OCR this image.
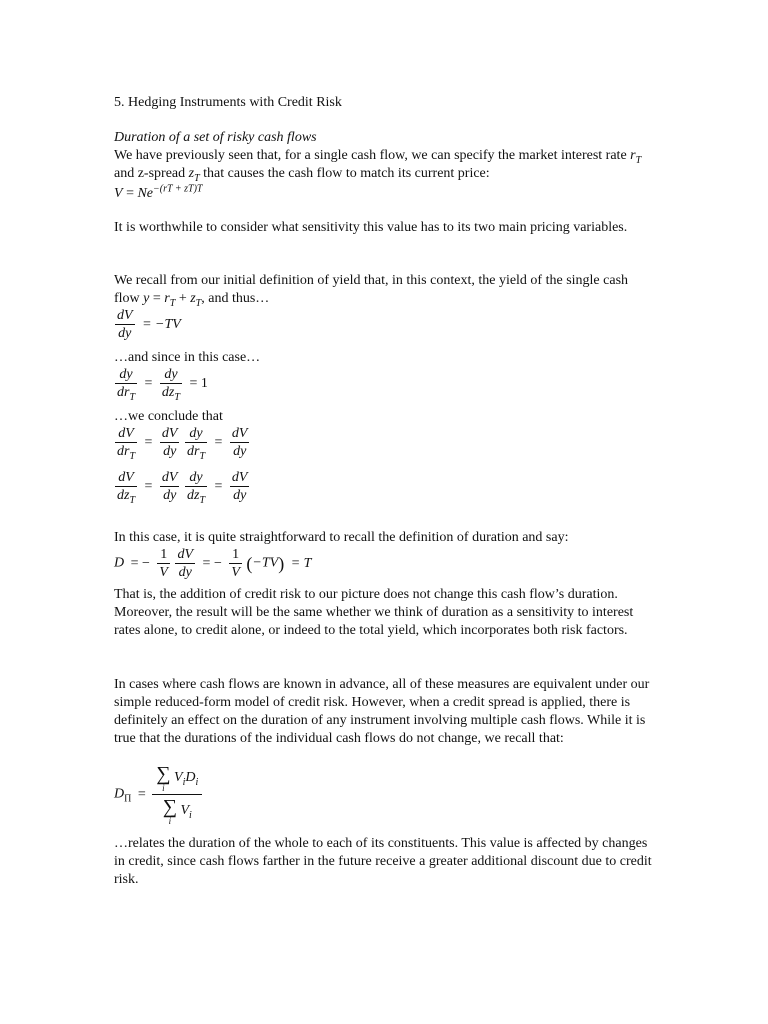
5. Hedging Instruments with Credit Risk
Duration of a set of risky cash flows

We have previously seen that, for a single cash flow, we can specify the market interest rate $r_T$ and z-spread $z_T$ that causes the cash flow to match its current price:

$V = Ne^{-(rT + zT)T}$

It is worthwhile to consider what sensitivity this value has to its two main pricing variables.

We recall from our initial definition of yield that, in this context, the yield of the single cash flow $y = r_T + z_T$, and thus…

$\frac{dV}{dy} = -TV$

…and since in this case…

$\frac{dy}{dr_T} = \frac{dy}{dz_T} = 1$

…we conclude that

$\frac{dV}{dr_T} = \frac{dV}{dy}$
$\frac{dy}{dr_T} = \frac{dV}{dy}$
$\frac{dV}{dz_T} = \frac{dV}{dy}$
$\frac{dy}{dz_T} = \frac{dV}{dy}$

In this case, it is quite straightforward to recall the definition of duration and say:

D = − $\frac{1}{V}$
$\frac{dV}{dy}$ = − $\frac{1}{V} (-TV) = T$

That is, the addition of credit risk to our picture does not change this cash flow’s duration. Moreover, the result will be the same whether we think of duration as a sensitivity to interest rates alone, to credit alone, or indeed to the total yield, which incorporates both risk factors.

In cases where cash flows are known in advance, all of these measures are equivalent under our simple reduced-form model of credit risk. However, when a credit spread is applied, there is definitely an effect on the duration of any instrument involving multiple cash flows. While it is true that the durations of the individual cash flows do not change, we recall that:

$D_\Pi$ = ∑
i
$V_iD_i$
∑
i
$V_i$

…relates the duration of the whole to each of its constituents. This value is affected by changes in credit, since cash flows farther in the future receive a greater additional discount due to credit risk.
